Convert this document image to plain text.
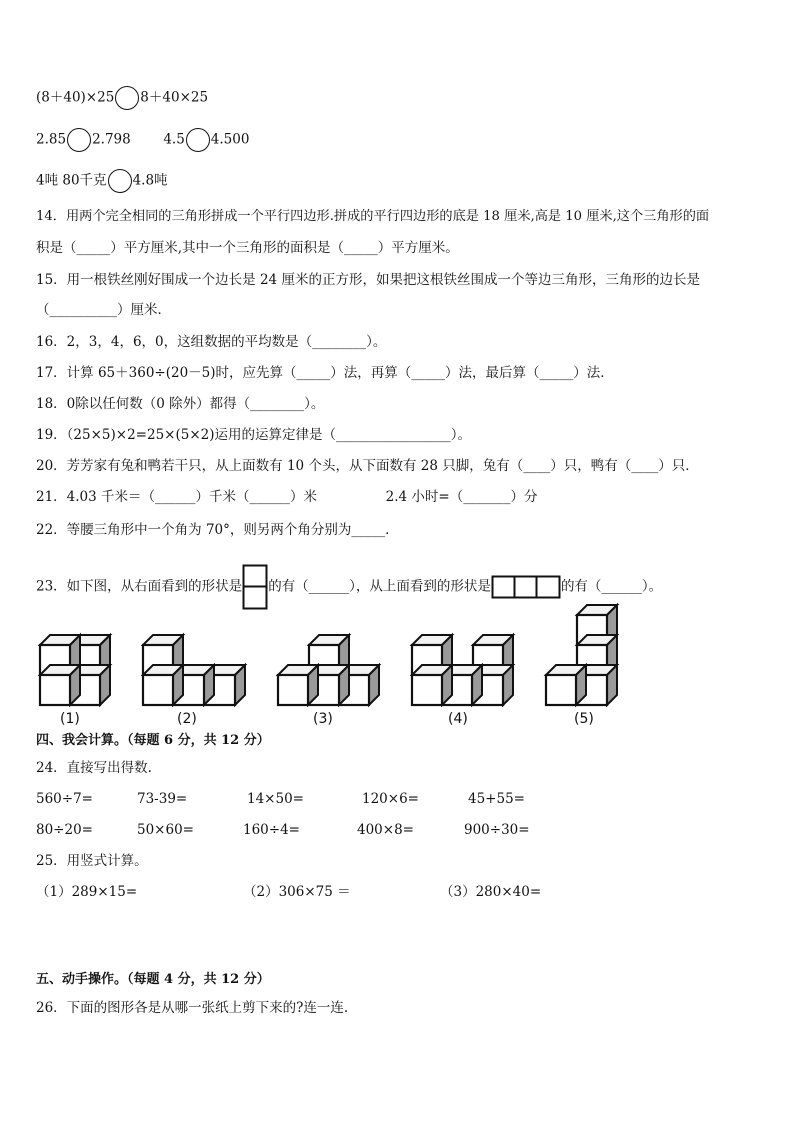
(8＋40)×25 8＋40×25
2.85 2.798 4.5 4.500
4吨 80千克 4.8吨
14．用两个完全相同的三角形拼成一个平行四边形.拼成的平行四边形的底是 18 厘米,高是 10 厘米,这个三角形的面
积是（_____）平方厘米,其中一个三角形的面积是（_____）平方厘米。
15．用一根铁丝刚好围成一个边长是 24 厘米的正方形，如果把这根铁丝围成一个等边三角形，三角形的边长是
（__________）厘米．
16．2，3，4，6，0，这组数据的平均数是（________）。
17．计算 65＋360÷(20－5)时，应先算（_____）法，再算（_____）法，最后算（_____）法．
18．0除以任何数（0 除外）都得（________）。
19．（25×5)×2=25×(5×2)运用的运算定律是（_________________）。
20．芳芳家有兔和鸭若干只，从上面数有 10 个头，从下面数有 28 只脚，兔有（____）只，鸭有（____）只．
21．4.03 千米＝（______）千米（______）米	2.4 小时=（_______）分
22．等腰三角形中一个角为 70°，则另两个角分别为_____．
23．如下图，从右面看到的形状是 的有（______），从上面看到的形状是	的有（______）。
(1)	(2)	(3)	(4)	(5)
四、我会计算。（每题 6 分，共 12 分）
24．直接写出得数.
560÷7=	73-39=	14×50=	120×6=	45+55=
80÷20=	50×60=	160÷4=	400×8=	900÷30=
25．用竖式计算。
（1）289×15=	（2）306×75 ＝	（3）280×40=
五、动手操作。（每题 4 分，共 12 分）
26．下面的图形各是从哪一张纸上剪下来的?连一连.
